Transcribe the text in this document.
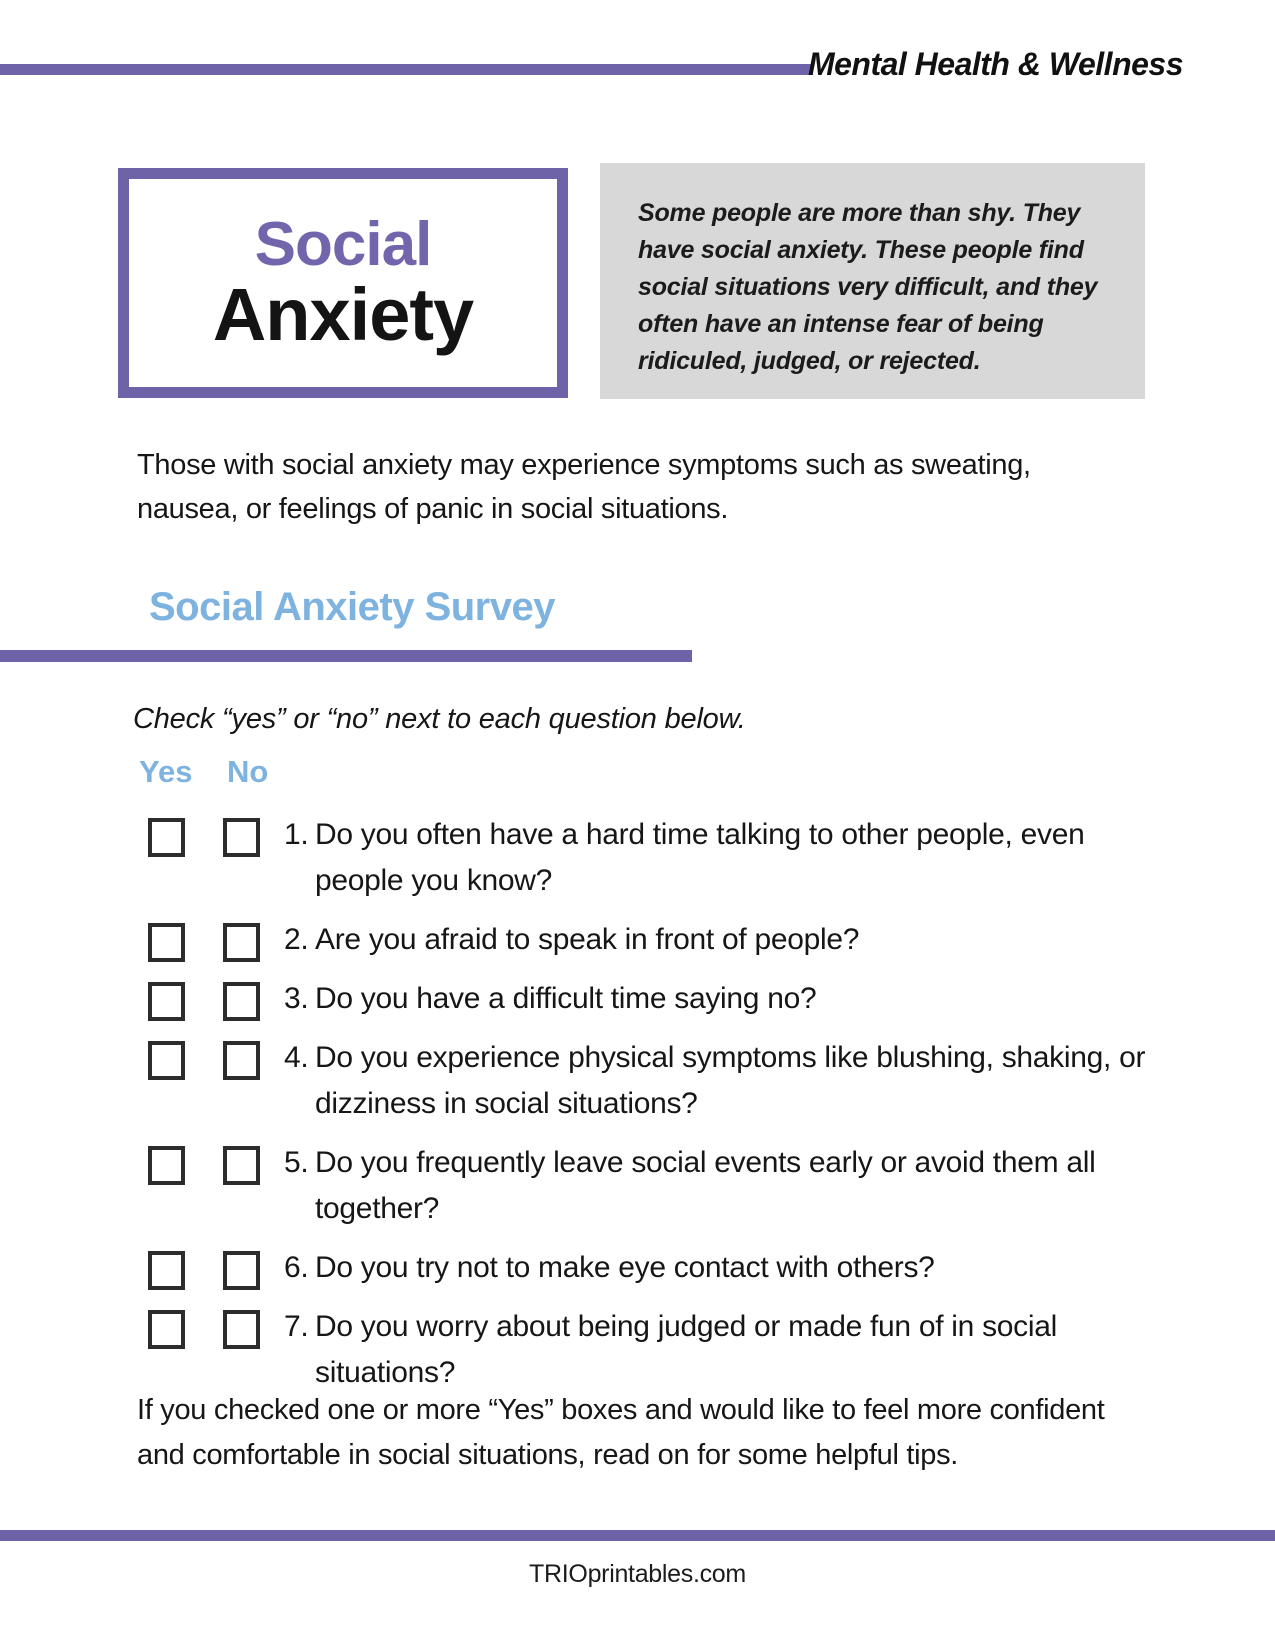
Mental Health & Wellness
Social
Anxiety
Some people are more than shy. They have social anxiety. These people find social situations very difficult, and they often have an intense fear of being ridiculed, judged, or rejected.
Those with social anxiety may experience symptoms such as sweating, nausea, or feelings of panic in social situations.
Social Anxiety Survey
Check “yes” or “no” next to each question below.
Yes No
1. Do you often have a hard time talking to other people, even people you know?
2. Are you afraid to speak in front of people?
3. Do you have a difficult time saying no?
4. Do you experience physical symptoms like blushing, shaking, or dizziness in social situations?
5. Do you frequently leave social events early or avoid them all together?
6. Do you try not to make eye contact with others?
7. Do you worry about being judged or made fun of in social situations?
If you checked one or more “Yes” boxes and would like to feel more confident and comfortable in social situations, read on for some helpful tips.
TRIOprintables.com
